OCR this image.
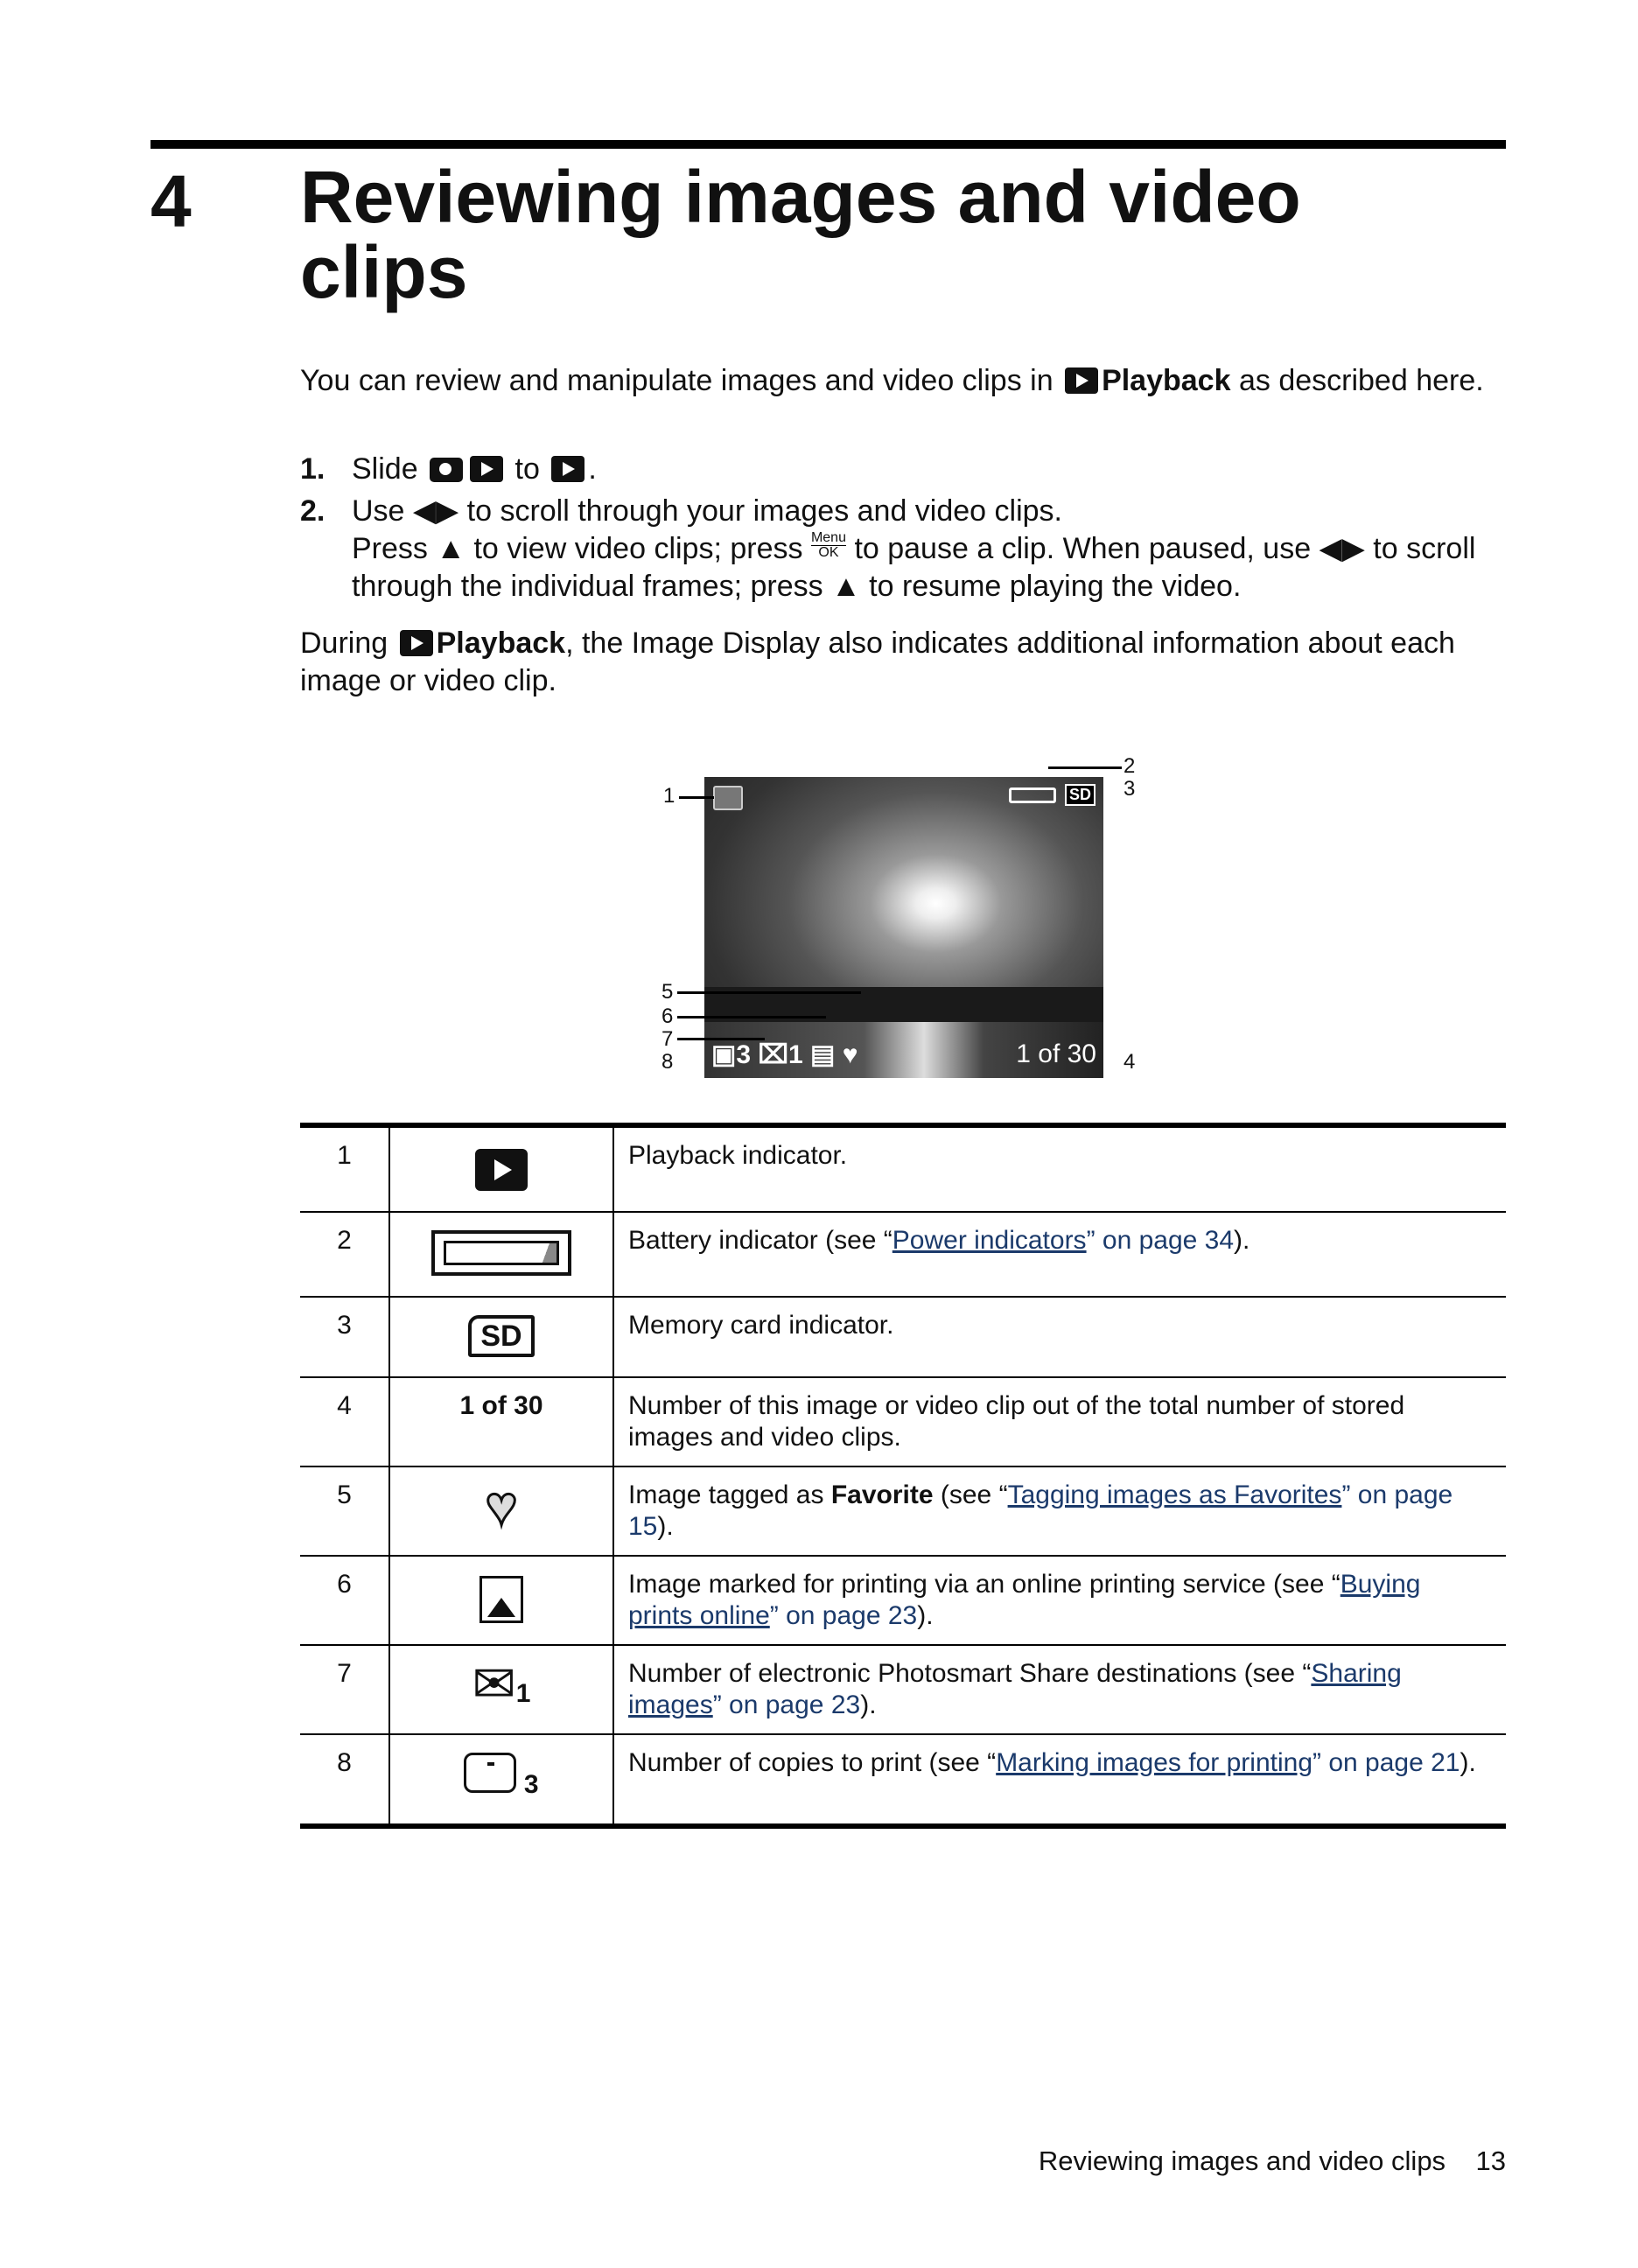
4 Reviewing images and video
clips
You can review and manipulate images and video clips in Playback as described here.
1. Slide	to .
2. Use ◀▶ to scroll through your images and video clips.
Press ▲ to view video clips; press Menu
OK to pause a clip. When paused, use ◀▶ to scroll
through the individual frames; press ▲ to resume playing the video.
During Playback, the Image Display also indicates additional information about each image or video clip.
SD
▣3 ⌧1 ▤ ♥	1 of 30
1
2
3
4
5
6
7
8
1		Playback indicator.
2		Battery indicator (see “Power indicators” on page 34).
3	SD	Memory card indicator.
4	1 of 30	Number of this image or video clip out of the total number of stored images and video clips.
5	♥	Image tagged as Favorite (see “Tagging images as Favorites” on page 15).
6		Image marked for printing via an online printing service (see “Buying prints online” on page 23).
7	✉1	Number of electronic Photosmart Share destinations (see “Sharing images” on page 23).
8	3	Number of copies to print (see “Marking images for printing” on page 21).
Reviewing images and video clips 13
